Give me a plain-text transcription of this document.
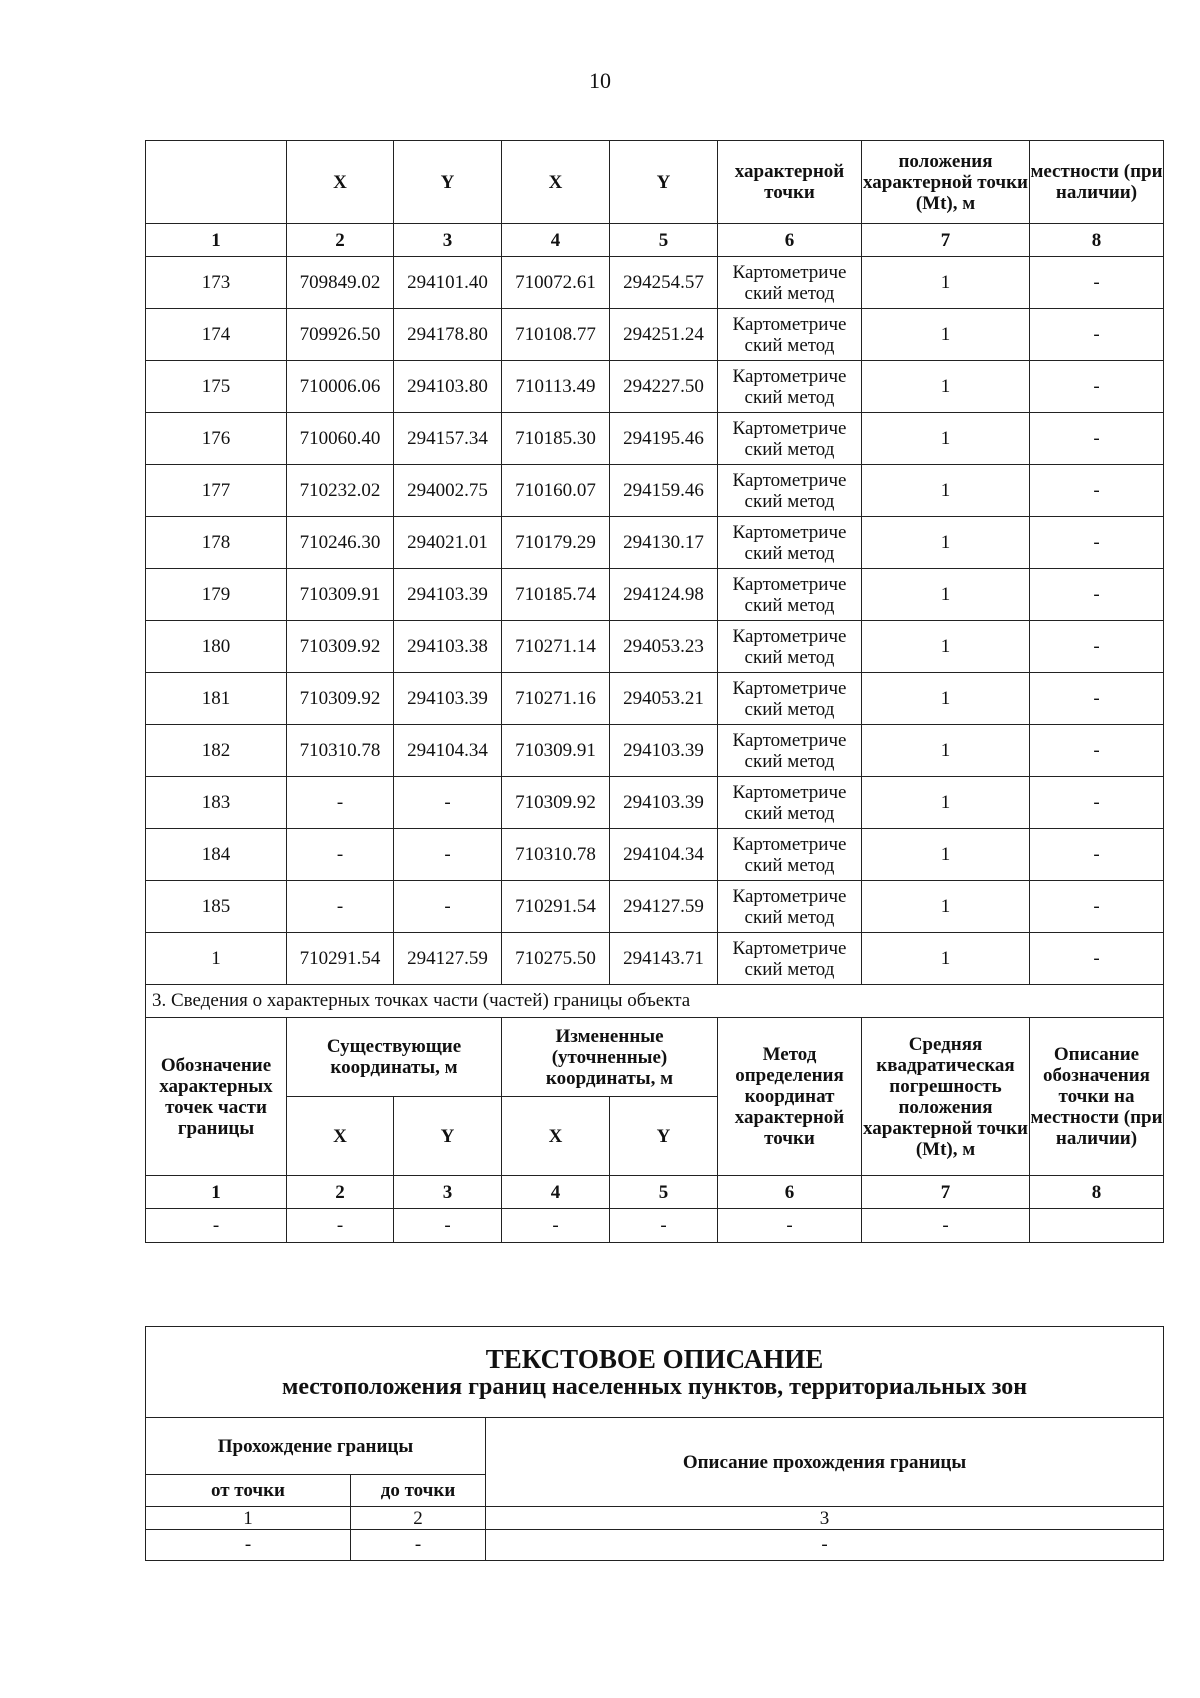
10
	X	Y	X	Y	характерной точки	положения характерной точки (Mt), м	местности (при наличии)
1	2	3	4	5	6	7	8
173	709849.02	294101.40	710072.61	294254.57	Картометриче ский метод	1	-
174	709926.50	294178.80	710108.77	294251.24	Картометриче ский метод	1	-
175	710006.06	294103.80	710113.49	294227.50	Картометриче ский метод	1	-
176	710060.40	294157.34	710185.30	294195.46	Картометриче ский метод	1	-
177	710232.02	294002.75	710160.07	294159.46	Картометриче ский метод	1	-
178	710246.30	294021.01	710179.29	294130.17	Картометриче ский метод	1	-
179	710309.91	294103.39	710185.74	294124.98	Картометриче ский метод	1	-
180	710309.92	294103.38	710271.14	294053.23	Картометриче ский метод	1	-
181	710309.92	294103.39	710271.16	294053.21	Картометриче ский метод	1	-
182	710310.78	294104.34	710309.91	294103.39	Картометриче ский метод	1	-
183	-	-	710309.92	294103.39	Картометриче ский метод	1	-
184	-	-	710310.78	294104.34	Картометриче ский метод	1	-
185	-	-	710291.54	294127.59	Картометриче ский метод	1	-
1	710291.54	294127.59	710275.50	294143.71	Картометриче ский метод	1	-
3. Сведения о характерных точках части (частей) границы объекта							
Обозначение характерных точек части границы	Существующие координаты, м		Измененные (уточненные) координаты, м		Метод определения координат характерной точки	Средняя квадратическая погрешность положения характерной точки (Mt), м	Описание обозначения точки на местности (при наличии)
	X	Y	X	Y			
1	2	3	4	5	6	7	8
-	-	-	-	-	-	-	
ТЕКСТОВОЕ ОПИСАНИЕ
местоположения границ населенных пунктов, территориальных зон		

Прохождение границы		Описание прохождения границы
от точки	до точки	
1	2	3
-	-	-
